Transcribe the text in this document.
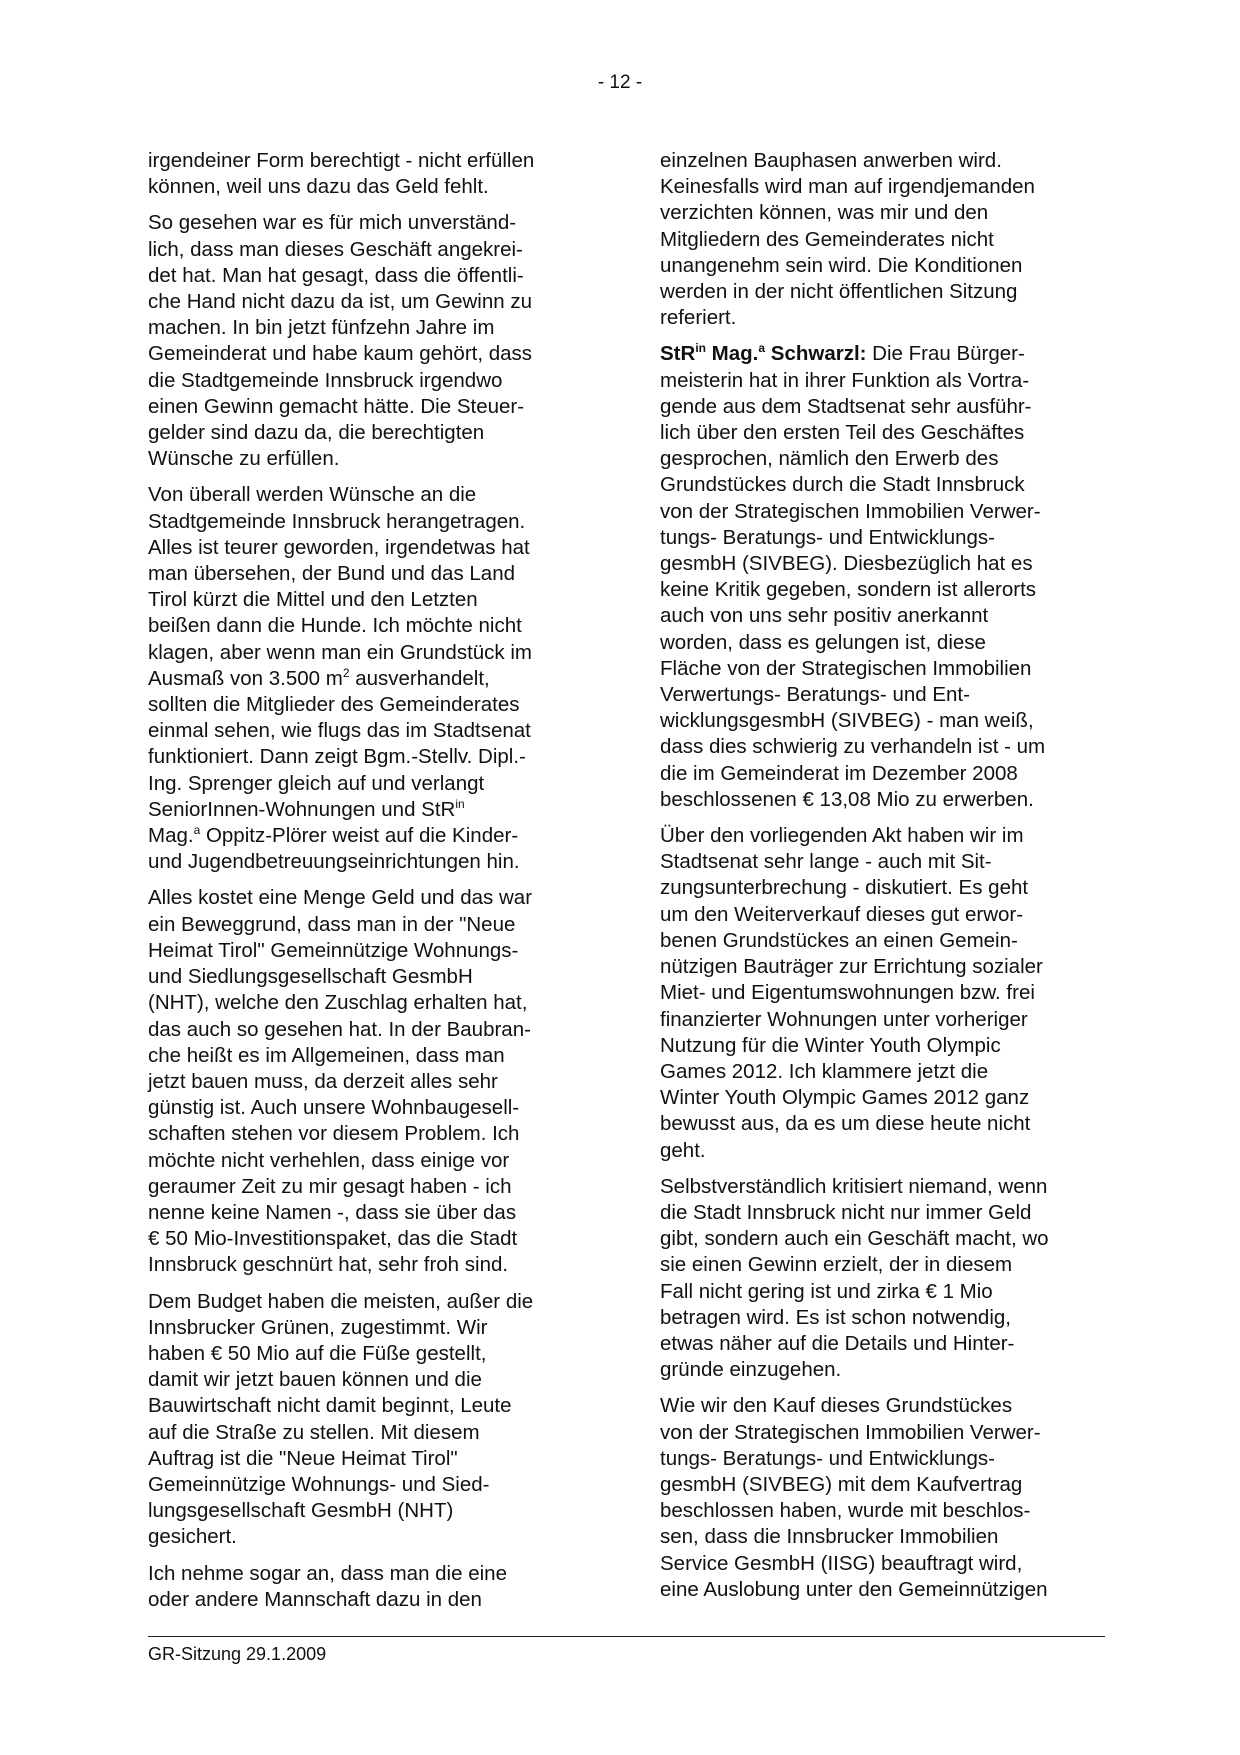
- 12 -

irgendeiner Form berechtigt - nicht erfüllen
können, weil uns dazu das Geld fehlt.

So gesehen war es für mich unverständ-
lich, dass man dieses Geschäft angekrei-
det hat. Man hat gesagt, dass die öffentli-
che Hand nicht dazu da ist, um Gewinn zu
machen. In bin jetzt fünfzehn Jahre im
Gemeinderat und habe kaum gehört, dass
die Stadtgemeinde Innsbruck irgendwo
einen Gewinn gemacht hätte. Die Steuer-
gelder sind dazu da, die berechtigten
Wünsche zu erfüllen.

Von überall werden Wünsche an die
Stadtgemeinde Innsbruck herangetragen.
Alles ist teurer geworden, irgendetwas hat
man übersehen, der Bund und das Land
Tirol kürzt die Mittel und den Letzten
beißen dann die Hunde. Ich möchte nicht
klagen, aber wenn man ein Grundstück im
Ausmaß von 3.500 $m^2$ ausverhandelt,
sollten die Mitglieder des Gemeinderates
einmal sehen, wie flugs das im Stadtsenat
funktioniert. Dann zeigt Bgm.-Stellv. Dipl.-
Ing. Sprenger gleich auf und verlangt
SeniorInnen-Wohnungen und StR$^{in}$
Mag.$^a$ Oppitz-Plörer weist auf die Kinder-
und Jugendbetreuungseinrichtungen hin.

Alles kostet eine Menge Geld und das war
ein Beweggrund, dass man in der "Neue
Heimat Tirol" Gemeinnützige Wohnungs-
und Siedlungsgesellschaft GesmbH
(NHT), welche den Zuschlag erhalten hat,
das auch so gesehen hat. In der Baubran-
che heißt es im Allgemeinen, dass man
jetzt bauen muss, da derzeit alles sehr
günstig ist. Auch unsere Wohnbaugesell-
schaften stehen vor diesem Problem. Ich
möchte nicht verhehlen, dass einige vor
geraumer Zeit zu mir gesagt haben - ich
nenne keine Namen -, dass sie über das
€ 50 Mio-Investitionspaket, das die Stadt
Innsbruck geschnürt hat, sehr froh sind.

Dem Budget haben die meisten, außer die
Innsbrucker Grünen, zugestimmt. Wir
haben € 50 Mio auf die Füße gestellt,
damit wir jetzt bauen können und die
Bauwirtschaft nicht damit beginnt, Leute
auf die Straße zu stellen. Mit diesem
Auftrag ist die "Neue Heimat Tirol"
Gemeinnützige Wohnungs- und Sied-
lungsgesellschaft GesmbH (NHT)
gesichert.

Ich nehme sogar an, dass man die eine
oder andere Mannschaft dazu in den

einzelnen Bauphasen anwerben wird.
Keinesfalls wird man auf irgendjemanden
verzichten können, was mir und den
Mitgliedern des Gemeinderates nicht
unangenehm sein wird. Die Konditionen
werden in der nicht öffentlichen Sitzung
referiert.

StR$^{in}$ Mag.$^a$ Schwarzl: Die Frau Bürger-
meisterin hat in ihrer Funktion als Vortra-
gende aus dem Stadtsenat sehr ausführ-
lich über den ersten Teil des Geschäftes
gesprochen, nämlich den Erwerb des
Grundstückes durch die Stadt Innsbruck
von der Strategischen Immobilien Verwer-
tungs- Beratungs- und Entwicklungs-
gesmbH (SIVBEG). Diesbezüglich hat es
keine Kritik gegeben, sondern ist allerorts
auch von uns sehr positiv anerkannt
worden, dass es gelungen ist, diese
Fläche von der Strategischen Immobilien
Verwertungs- Beratungs- und Ent-
wicklungsgesmbH (SIVBEG) - man weiß,
dass dies schwierig zu verhandeln ist - um
die im Gemeinderat im Dezember 2008
beschlossenen € 13,08 Mio zu erwerben.

Über den vorliegenden Akt haben wir im
Stadtsenat sehr lange - auch mit Sit-
zungsunterbrechung - diskutiert. Es geht
um den Weiterverkauf dieses gut erwor-
benen Grundstückes an einen Gemein-
nützigen Bauträger zur Errichtung sozialer
Miet- und Eigentumswohnungen bzw. frei
finanzierter Wohnungen unter vorheriger
Nutzung für die Winter Youth Olympic
Games 2012. Ich klammere jetzt die
Winter Youth Olympic Games 2012 ganz
bewusst aus, da es um diese heute nicht
geht.

Selbstverständlich kritisiert niemand, wenn
die Stadt Innsbruck nicht nur immer Geld
gibt, sondern auch ein Geschäft macht, wo
sie einen Gewinn erzielt, der in diesem
Fall nicht gering ist und zirka € 1 Mio
betragen wird. Es ist schon notwendig,
etwas näher auf die Details und Hinter-
gründe einzugehen.

Wie wir den Kauf dieses Grundstückes
von der Strategischen Immobilien Verwer-
tungs- Beratungs- und Entwicklungs-
gesmbH (SIVBEG) mit dem Kaufvertrag
beschlossen haben, wurde mit beschlos-
sen, dass die Innsbrucker Immobilien
Service GesmbH (IISG) beauftragt wird,
eine Auslobung unter den Gemeinnützigen

GR-Sitzung 29.1.2009
